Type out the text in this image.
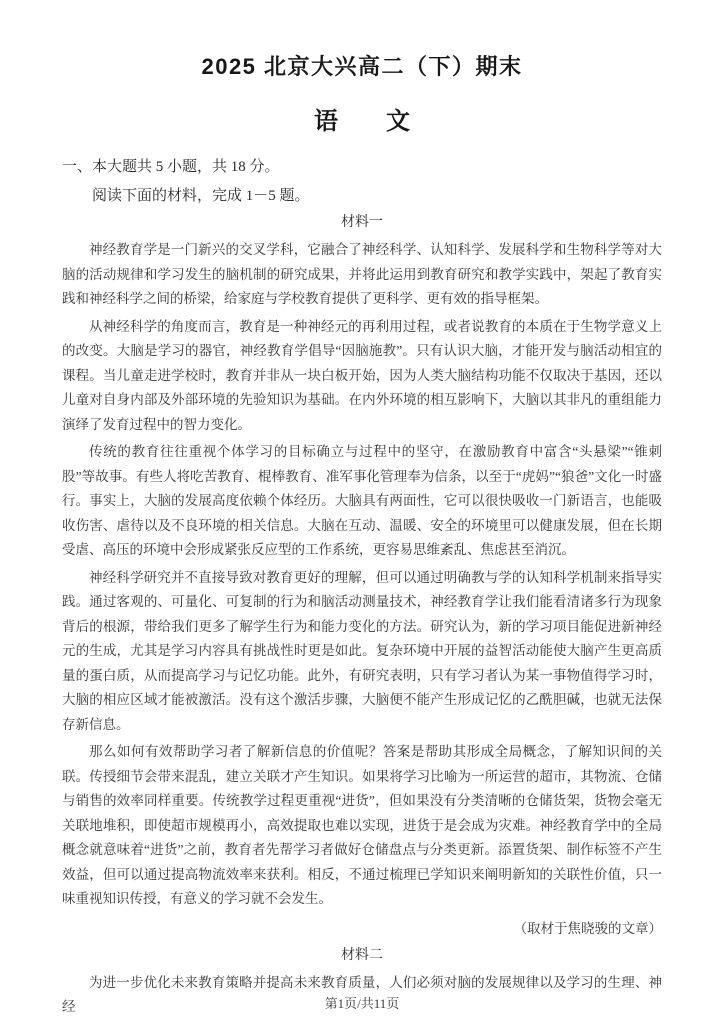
2025 北京大兴高二（下）期末
语　　文

一、本大题共 5 小题，共 18 分。

阅读下面的材料，完成 1－5 题。

材料一

神经教育学是一门新兴的交叉学科，它融合了神经科学、认知科学、发展科学和生物科学等对大脑的活动规律和学习发生的脑机制的研究成果，并将此运用到教育研究和教学实践中，架起了教育实践和神经科学之间的桥梁，给家庭与学校教育提供了更科学、更有效的指导框架。

从神经科学的角度而言，教育是一种神经元的再利用过程，或者说教育的本质在于生物学意义上的改变。大脑是学习的器官，神经教育学倡导“因脑施教”。只有认识大脑，才能开发与脑活动相宜的课程。当儿童走进学校时，教育并非从一块白板开始，因为人类大脑结构功能不仅取决于基因，还以儿童对自身内部及外部环境的先验知识为基础。在内外环境的相互影响下，大脑以其非凡的重组能力演绎了发育过程中的智力变化。

传统的教育往往重视个体学习的目标确立与过程中的坚守，在激励教育中富含“头悬梁”“锥刺股”等故事。有些人将吃苦教育、棍棒教育、准军事化管理奉为信条，以至于“虎妈”“狼爸”文化一时盛行。事实上，大脑的发展高度依赖个体经历。大脑具有两面性，它可以很快吸收一门新语言，也能吸收伤害、虐待以及不良环境的相关信息。大脑在互动、温暖、安全的环境里可以健康发展，但在长期受虐、高压的环境中会形成紧张反应型的工作系统，更容易思维紊乱、焦虑甚至消沉。

神经科学研究并不直接导致对教育更好的理解，但可以通过明确教与学的认知科学机制来指导实践。通过客观的、可量化、可复制的行为和脑活动测量技术，神经教育学让我们能看清诸多行为现象背后的根源，带给我们更多了解学生行为和能力变化的方法。研究认为，新的学习项目能促进新神经元的生成，尤其是学习内容具有挑战性时更是如此。复杂环境中开展的益智活动能使大脑产生更高质量的蛋白质，从而提高学习与记忆功能。此外，有研究表明，只有学习者认为某一事物值得学习时，大脑的相应区域才能被激活。没有这个激活步骤，大脑便不能产生形成记忆的乙酰胆碱，也就无法保存新信息。

那么如何有效帮助学习者了解新信息的价值呢？答案是帮助其形成全局概念，了解知识间的关联。传授细节会带来混乱，建立关联才产生知识。如果将学习比喻为一所运营的超市，其物流、仓储与销售的效率同样重要。传统教学过程更重视“进货”，但如果没有分类清晰的仓储货架，货物会毫无关联地堆积，即使超市规模再小，高效提取也难以实现，进货于是会成为灾难。神经教育学中的全局概念就意味着“进货”之前，教育者先帮学习者做好仓储盘点与分类更新。添置货架、制作标签不产生效益，但可以通过提高物流效率来获利。相反，不通过梳理已学知识来阐明新知的关联性价值，只一味重视知识传授，有意义的学习就不会发生。

（取材于焦晓骏的文章）

材料二

为进一步优化未来教育策略并提高未来教育质量，人们必须对脑的发展规律以及学习的生理、神经	第1页/共11页
